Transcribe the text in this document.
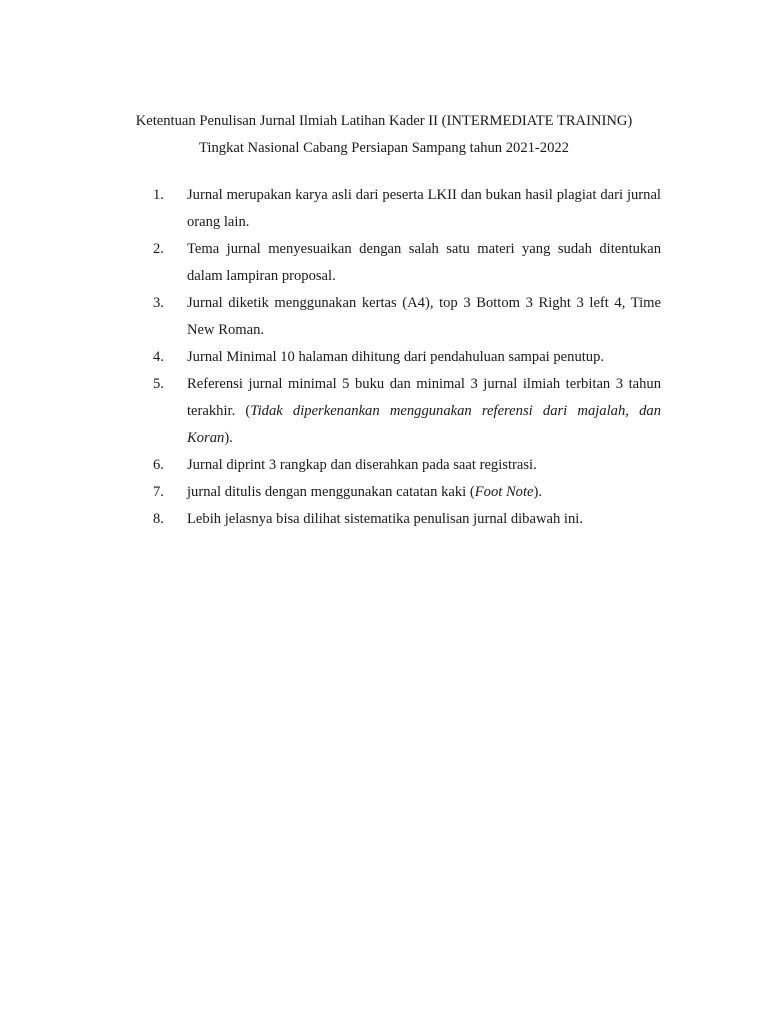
Ketentuan Penulisan Jurnal Ilmiah Latihan Kader II (INTERMEDIATE TRAINING)
Tingkat Nasional Cabang Persiapan Sampang tahun 2021-2022
1. Jurnal merupakan karya asli dari peserta LKII dan bukan hasil plagiat dari jurnal orang lain.
2. Tema jurnal menyesuaikan dengan salah satu materi yang sudah ditentukan dalam lampiran proposal.
3. Jurnal diketik menggunakan kertas (A4), top 3 Bottom 3 Right 3 left 4, Time New Roman.
4. Jurnal Minimal 10 halaman dihitung dari pendahuluan sampai penutup.
5. Referensi jurnal minimal 5 buku dan minimal 3 jurnal ilmiah terbitan 3 tahun terakhir. (Tidak diperkenankan menggunakan referensi dari majalah, dan Koran).
6. Jurnal diprint 3 rangkap dan diserahkan pada saat registrasi.
7. jurnal ditulis dengan menggunakan catatan kaki (Foot Note).
8. Lebih jelasnya bisa dilihat sistematika penulisan jurnal dibawah ini.
